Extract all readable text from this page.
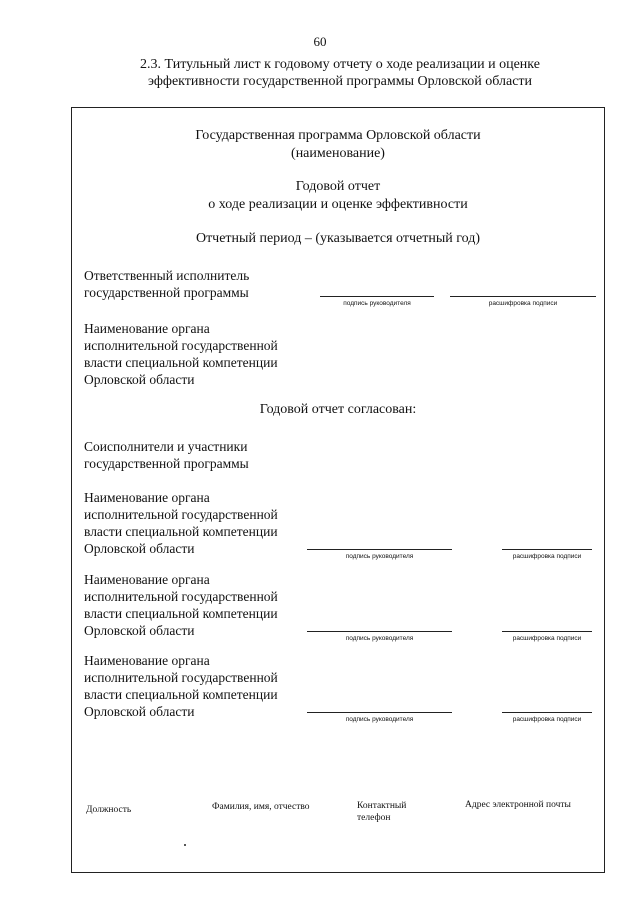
60
2.3. Титульный лист к годовому отчету о ходе реализации и оценке
эффективности государственной программы Орловской области
Государственная программа Орловской области
(наименование)
Годовой отчет
о ходе реализации и оценке эффективности
Отчетный период – (указывается отчетный год)
Ответственный исполнитель
государственной программы
подпись руководителя	расшифровка подписи
Наименование органа
исполнительной государственной
власти специальной компетенции
Орловской области
Годовой отчет согласован:
Соисполнители и участники
государственной программы
Наименование органа
исполнительной государственной
власти специальной компетенции
Орловской области
подпись руководителя	расшифровка подписи
Наименование органа
исполнительной государственной
власти специальной компетенции
Орловской области
подпись руководителя	расшифровка подписи
Наименование органа
исполнительной государственной
власти специальной компетенции
Орловской области
подпись руководителя	расшифровка подписи
Должность	Фамилия, имя, отчество	Контактный
телефон
Адрес электронной почты
